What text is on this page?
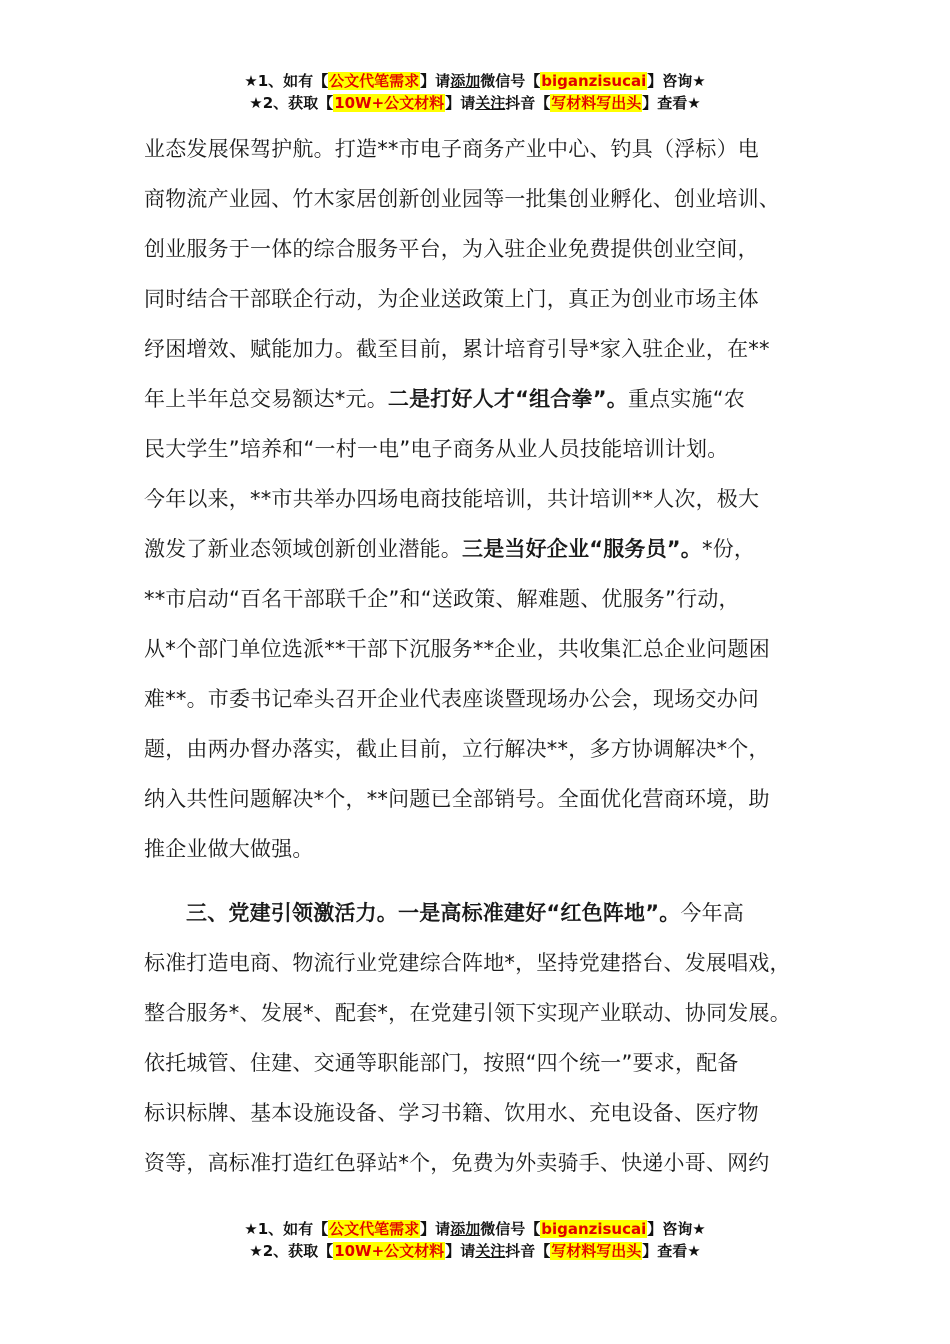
★1、如有【公文代笔需求】请添加微信号【biganzisucai】咨询★
★2、获取【10W+公文材料】请关注抖音【写材料写出头】查看★
业态发展保驾护航。打造**市电子商务产业中心、钓具（浮标）电
商物流产业园、竹木家居创新创业园等一批集创业孵化、创业培训、
创业服务于一体的综合服务平台，为入驻企业免费提供创业空间，
同时结合干部联企行动，为企业送政策上门，真正为创业市场主体
纾困增效、赋能加力。截至目前，累计培育引导*家入驻企业，在**
年上半年总交易额达*元。二是打好人才“组合拳”。重点实施“农
民大学生”培养和“一村一电”电子商务从业人员技能培训计划。
今年以来，**市共举办四场电商技能培训，共计培训**人次，极大
激发了新业态领域创新创业潜能。三是当好企业“服务员”。*份，
**市启动“百名干部联千企”和“送政策、解难题、优服务”行动，
从*个部门单位选派**干部下沉服务**企业，共收集汇总企业问题困
难**。市委书记牵头召开企业代表座谈暨现场办公会，现场交办问
题，由两办督办落实，截止目前，立行解决**，多方协调解决*个，
纳入共性问题解决*个，**问题已全部销号。全面优化营商环境，助
推企业做大做强。
三、党建引领激活力。一是高标准建好“红色阵地”。今年高
标准打造电商、物流行业党建综合阵地*，坚持党建搭台、发展唱戏，
整合服务*、发展*、配套*，在党建引领下实现产业联动、协同发展。
依托城管、住建、交通等职能部门，按照“四个统一”要求，配备
标识标牌、基本设施设备、学习书籍、饮用水、充电设备、医疗物
资等，高标准打造红色驿站*个，免费为外卖骑手、快递小哥、网约
★1、如有【公文代笔需求】请添加微信号【biganzisucai】咨询★
★2、获取【10W+公文材料】请关注抖音【写材料写出头】查看★
